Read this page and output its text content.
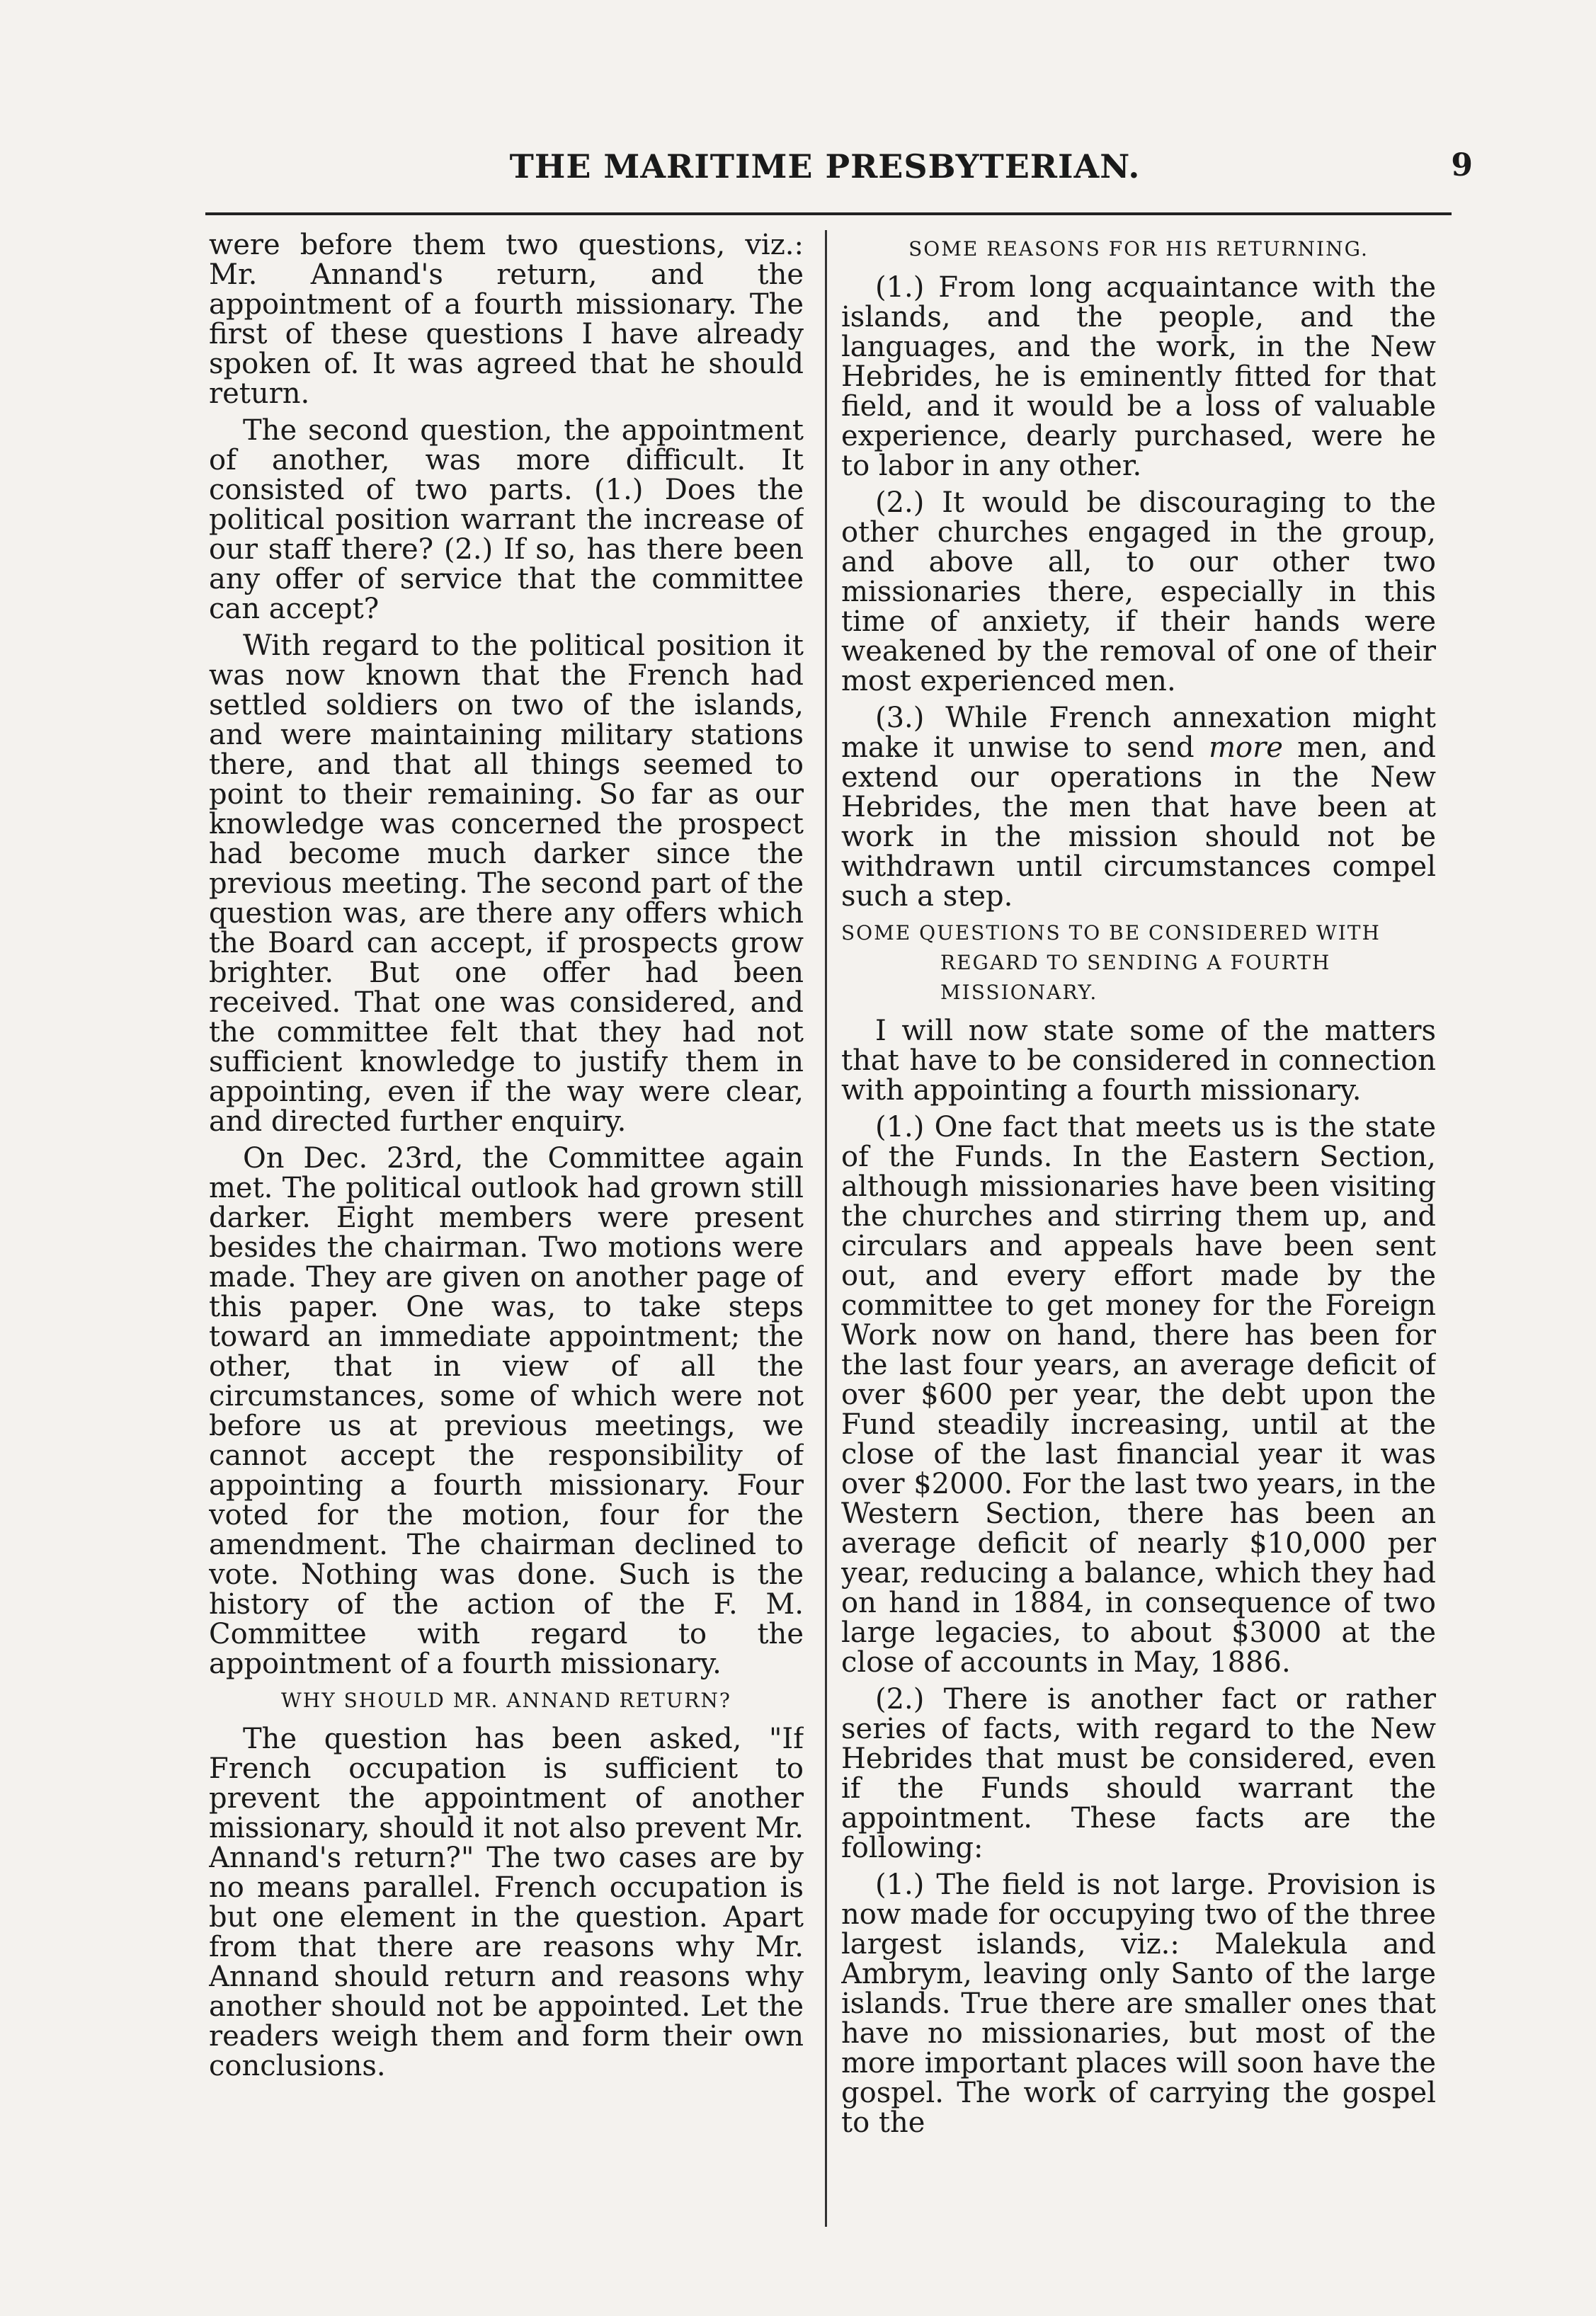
THE MARITIME PRESBYTERIAN.	9

were before them two questions, viz.: Mr. Annand's return, and the appointment of a fourth missionary. The first of these questions I have already spoken of. It was agreed that he should return.

The second question, the appointment of another, was more difficult. It consisted of two parts. (1.) Does the political position warrant the increase of our staff there? (2.) If so, has there been any offer of service that the committee can accept?

With regard to the political position it was now known that the French had settled soldiers on two of the islands, and were maintaining military stations there, and that all things seemed to point to their remaining. So far as our knowledge was concerned the prospect had become much darker since the previous meeting. The second part of the question was, are there any offers which the Board can accept, if prospects grow brighter. But one offer had been received. That one was considered, and the committee felt that they had not sufficient knowledge to justify them in appointing, even if the way were clear, and directed further enquiry.

On Dec. 23rd, the Committee again met. The political outlook had grown still darker. Eight members were present besides the chairman. Two motions were made. They are given on another page of this paper. One was, to take steps toward an immediate appointment; the other, that in view of all the circumstances, some of which were not before us at previous meetings, we cannot accept the responsibility of appointing a fourth missionary. Four voted for the motion, four for the amendment. The chairman declined to vote. Nothing was done. Such is the history of the action of the F. M. Committee with regard to the appointment of a fourth missionary.

WHY SHOULD MR. ANNAND RETURN?

The question has been asked, "If French occupation is sufficient to prevent the appointment of another missionary, should it not also prevent Mr. Annand's return?" The two cases are by no means parallel. French occupation is but one element in the question. Apart from that there are reasons why Mr. Annand should return and reasons why another should not be appointed. Let the readers weigh them and form their own conclusions.

SOME REASONS FOR HIS RETURNING.

(1.) From long acquaintance with the islands, and the people, and the languages, and the work, in the New Hebrides, he is eminently fitted for that field, and it would be a loss of valuable experience, dearly purchased, were he to labor in any other.

(2.) It would be discouraging to the other churches engaged in the group, and above all, to our other two missionaries there, especially in this time of anxiety, if their hands were weakened by the removal of one of their most experienced men.

(3.) While French annexation might make it unwise to send more men, and extend our operations in the New Hebrides, the men that have been at work in the mission should not be withdrawn until circumstances compel such a step.

SOME QUESTIONS TO BE CONSIDERED WITH REGARD TO SENDING A FOURTH MISSIONARY.

I will now state some of the matters that have to be considered in connection with appointing a fourth missionary.

(1.) One fact that meets us is the state of the Funds. In the Eastern Section, although missionaries have been visiting the churches and stirring them up, and circulars and appeals have been sent out, and every effort made by the committee to get money for the Foreign Work now on hand, there has been for the last four years, an average deficit of over $600 per year, the debt upon the Fund steadily increasing, until at the close of the last financial year it was over $2000. For the last two years, in the Western Section, there has been an average deficit of nearly $10,000 per year, reducing a balance, which they had on hand in 1884, in consequence of two large legacies, to about $3000 at the close of accounts in May, 1886.

(2.) There is another fact or rather series of facts, with regard to the New Hebrides that must be considered, even if the Funds should warrant the appointment. These facts are the following:

(1.) The field is not large. Provision is now made for occupying two of the three largest islands, viz.: Malekula and Ambrym, leaving only Santo of the large islands. True there are smaller ones that have no missionaries, but most of the more important places will soon have the gospel. The work of carrying the gospel to the
